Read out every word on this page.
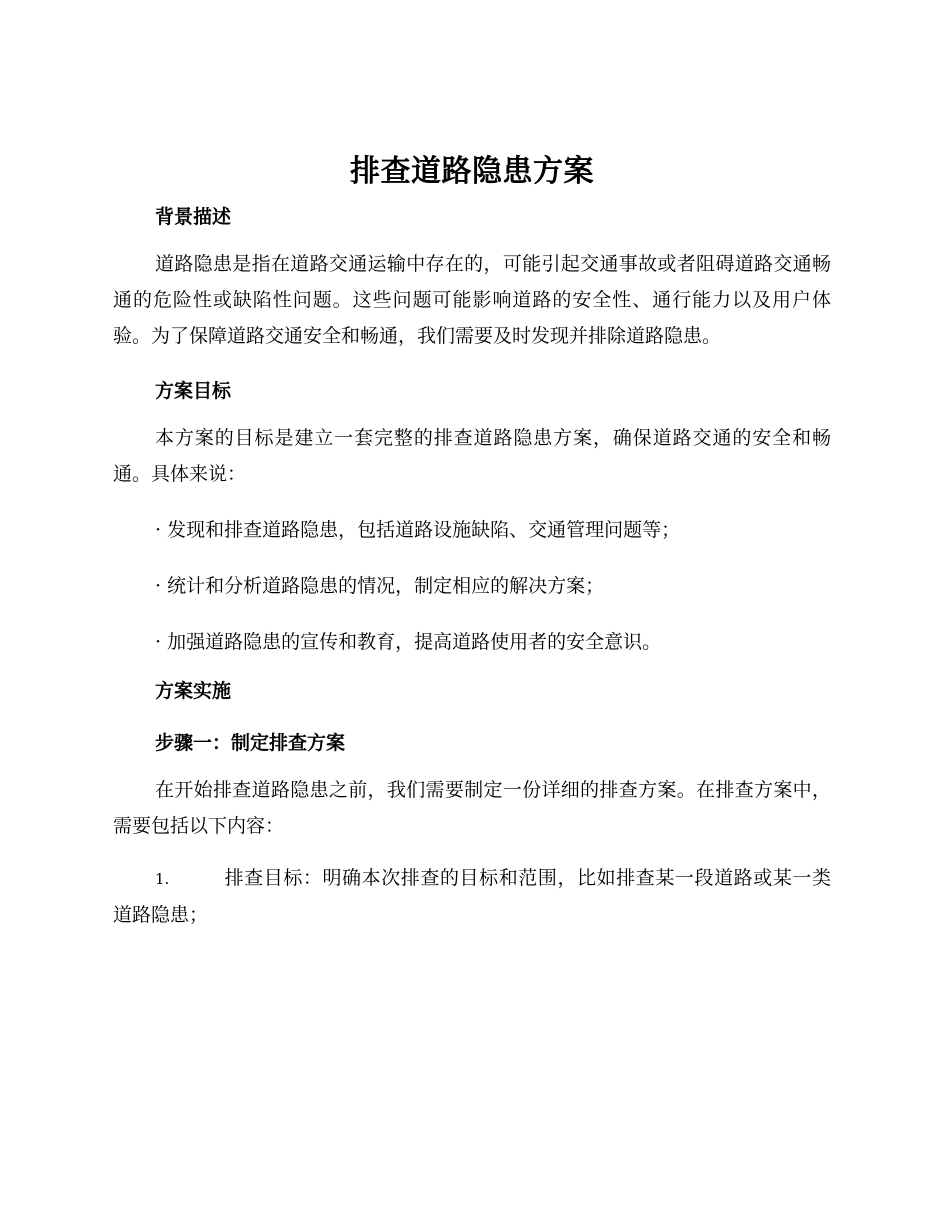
排查道路隐患方案
背景描述

道路隐患是指在道路交通运输中存在的，可能引起交通事故或者阻碍道路交通畅通的危险性或缺陷性问题。这些问题可能影响道路的安全性、通行能力以及用户体验。为了保障道路交通安全和畅通，我们需要及时发现并排除道路隐患。

方案目标

本方案的目标是建立一套完整的排查道路隐患方案，确保道路交通的安全和畅通。具体来说：

· 发现和排查道路隐患，包括道路设施缺陷、交通管理问题等；
· 统计和分析道路隐患的情况，制定相应的解决方案；
· 加强道路隐患的宣传和教育，提高道路使用者的安全意识。
方案实施
步骤一：制定排查方案

在开始排查道路隐患之前，我们需要制定一份详细的排查方案。在排查方案中，需要包括以下内容：

1.	排查目标：明确本次排查的目标和范围，比如排查某一段道路或某一类道路隐患；
